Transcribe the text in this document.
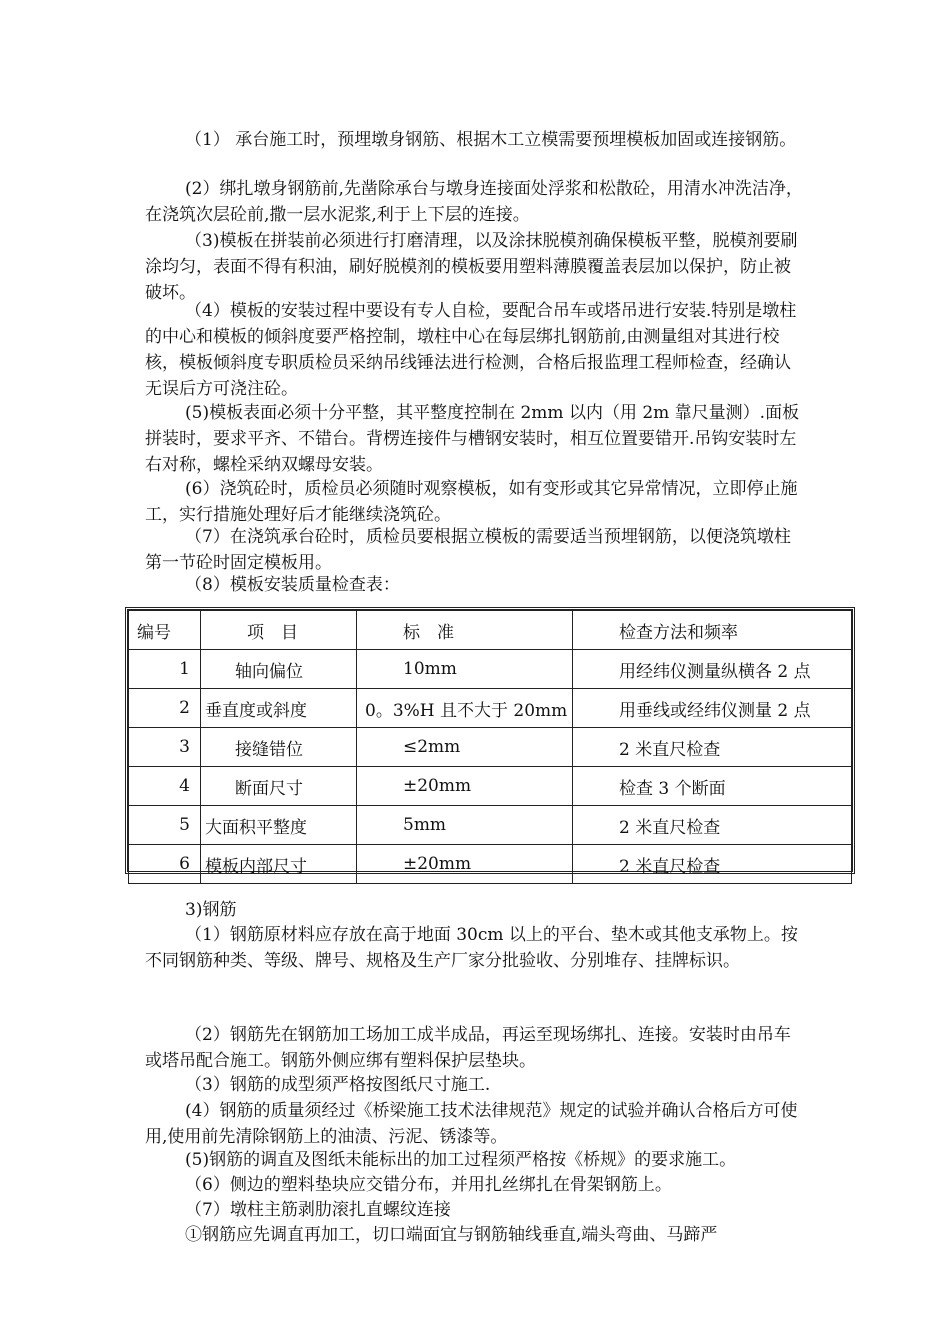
（1） 承台施工时，预埋墩身钢筋、根据木工立模需要预埋模板加固或连接钢筋。

(2）绑扎墩身钢筋前,先凿除承台与墩身连接面处浮浆和松散砼，用清水冲洗洁净，在浇筑次层砼前,撒一层水泥浆,利于上下层的连接。

（3)模板在拼装前必须进行打磨清理，以及涂抹脱模剂确保模板平整，脱模剂要刷涂均匀，表面不得有积油，刷好脱模剂的模板要用塑料薄膜覆盖表层加以保护，防止被破坏。

（4）模板的安装过程中要设有专人自检，要配合吊车或塔吊进行安装.特别是墩柱的中心和模板的倾斜度要严格控制，墩柱中心在每层绑扎钢筋前,由测量组对其进行校核，模板倾斜度专职质检员采纳吊线锤法进行检测，合格后报监理工程师检查，经确认无误后方可浇注砼。

(5)模板表面必须十分平整，其平整度控制在 2mm 以内（用 2m 靠尺量测）.面板拼装时，要求平齐、不错台。背楞连接件与槽钢安装时，相互位置要错开.吊钩安装时左右对称，螺栓采纳双螺母安装。

(6）浇筑砼时，质检员必须随时观察模板，如有变形或其它异常情况，立即停止施工，实行措施处理好后才能继续浇筑砼。

（7）在浇筑承台砼时，质检员要根据立模板的需要适当预埋钢筋，以便浇筑墩柱第一节砼时固定模板用。

（8）模板安装质量检查表：

编号	项　目	标　准	检查方法和频率
1	轴向偏位	10mm	用经纬仪测量纵横各 2 点
2	垂直度或斜度	0。3%H 且不大于 20mm	用垂线或经纬仪测量 2 点
3	接缝错位	≤2mm	2 米直尺检查
4	断面尺寸	±20mm	检查 3 个断面
5	大面积平整度	5mm	2 米直尺检查
6	模板内部尺寸	±20mm	2 米直尺检查

3)钢筋

（1）钢筋原材料应存放在高于地面 30cm 以上的平台、垫木或其他支承物上。按不同钢筋种类、等级、牌号、规格及生产厂家分批验收、分别堆存、挂牌标识。

（2）钢筋先在钢筋加工场加工成半成品，再运至现场绑扎、连接。安装时由吊车或塔吊配合施工。钢筋外侧应绑有塑料保护层垫块。

（3）钢筋的成型须严格按图纸尺寸施工.

(4）钢筋的质量须经过《桥梁施工技术法律规范》规定的试验并确认合格后方可使用,使用前先清除钢筋上的油渍、污泥、锈漆等。

(5)钢筋的调直及图纸未能标出的加工过程须严格按《桥规》的要求施工。

（6）侧边的塑料垫块应交错分布，并用扎丝绑扎在骨架钢筋上。

（7）墩柱主筋剥肋滚扎直螺纹连接

①钢筋应先调直再加工，切口端面宜与钢筋轴线垂直,端头弯曲、马蹄严
